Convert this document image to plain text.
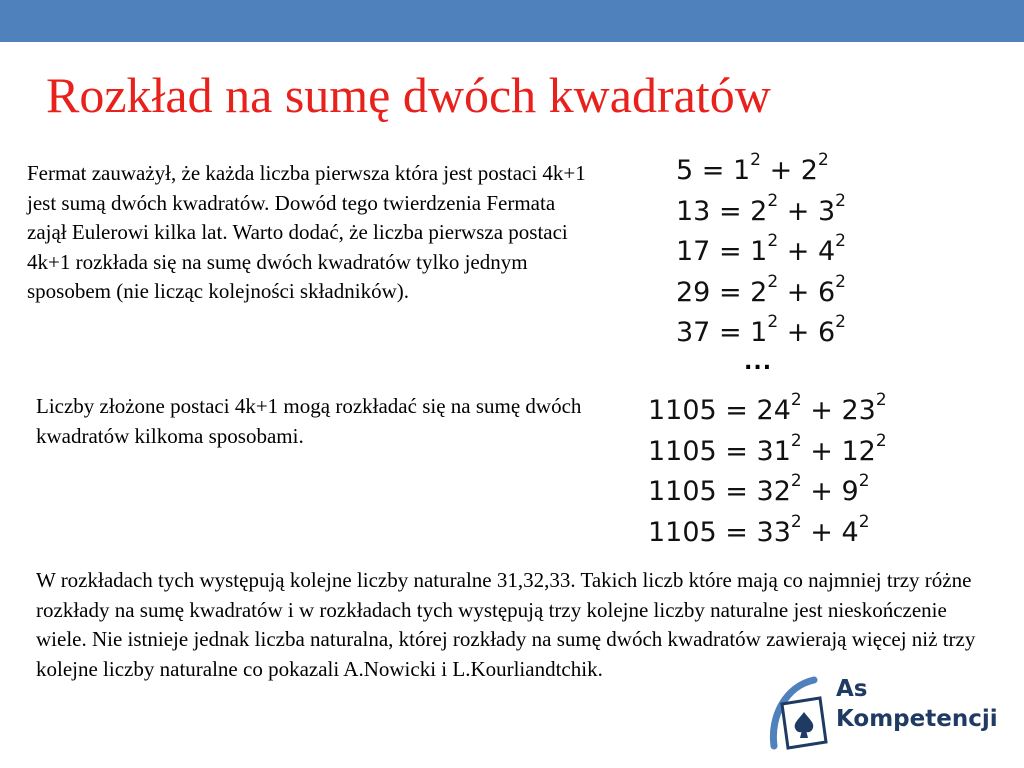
Rozkład na sumę dwóch kwadratów

Fermat zauważył, że każda liczba pierwsza która jest postaci 4k+1 jest sumą dwóch kwadratów. Dowód tego twierdzenia Fermata zajął Eulerowi kilka lat. Warto dodać, że liczba pierwsza postaci 4k+1 rozkłada się na sumę dwóch kwadratów tylko jednym sposobem (nie licząc kolejności składników).

$5 = 1^2 + 2^2$
$13 = 2^2 + 3^2$
$17 = 1^2 + 4^2$
$29 = 2^2 + 6^2$
$37 = 1^2 + 6^2$
...

Liczby złożone postaci 4k+1 mogą rozkładać się na sumę dwóch kwadratów kilkoma sposobami.

$1105 = 24^2 + 23^2$
$1105 = 31^2 + 12^2$
$1105 = 32^2 + 9^2$
$1105 = 33^2 + 4^2$

W rozkładach tych występują kolejne liczby naturalne 31,32,33. Takich liczb które mają co najmniej trzy różne rozkłady na sumę kwadratów i w rozkładach tych występują trzy kolejne liczby naturalne jest nieskończenie wiele. Nie istnieje jednak liczba naturalna, której rozkłady na sumę dwóch kwadratów zawierają więcej niż trzy kolejne liczby naturalne co pokazali A.Nowicki i L.Kourliandtchik.

As
Kompetencji
